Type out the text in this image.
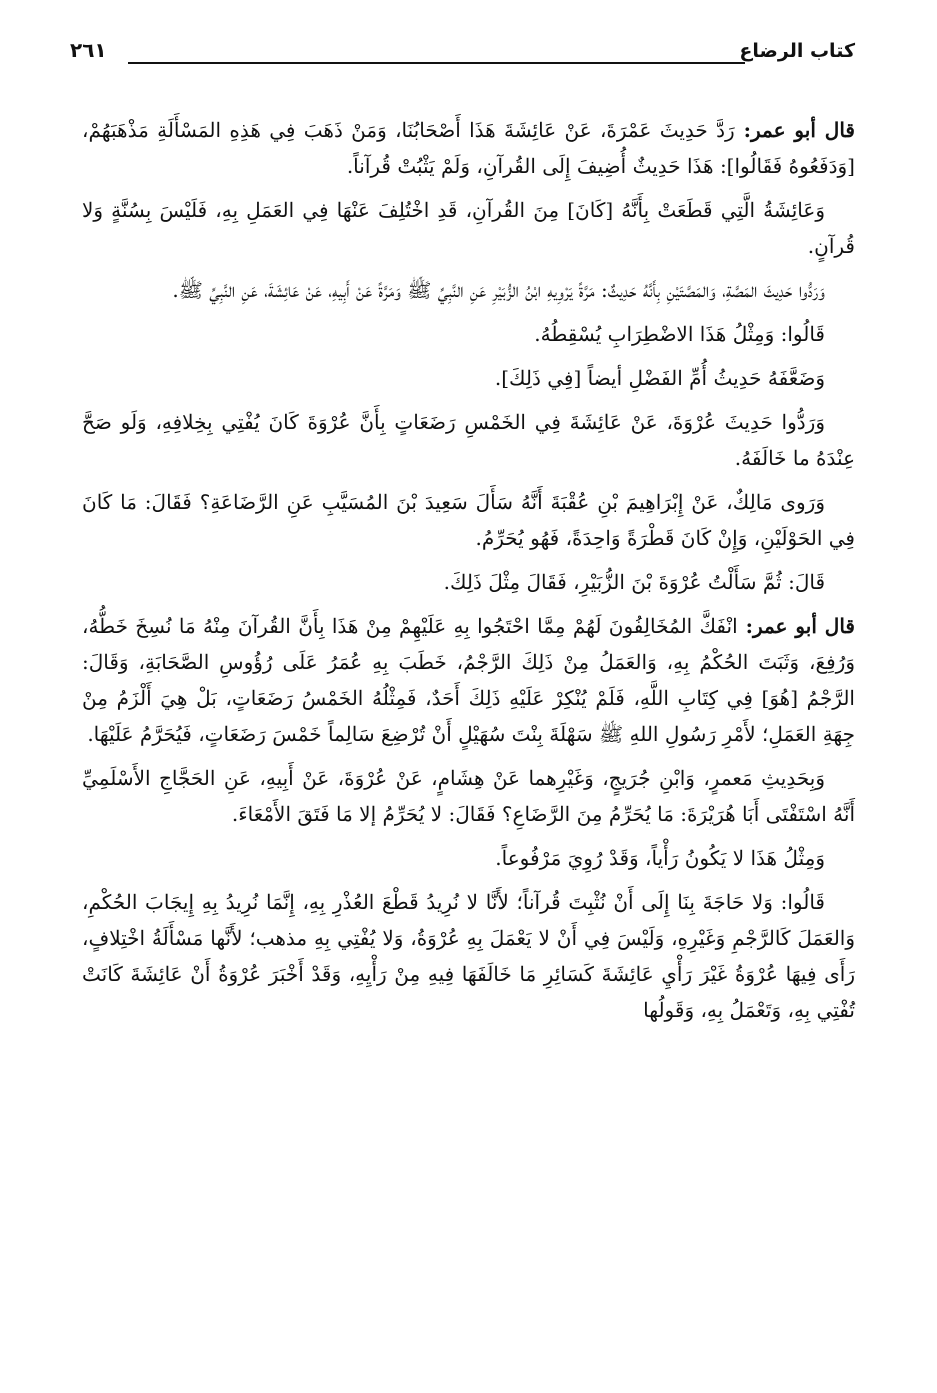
كتاب الرضاع
٢٦١

قال أبو عمر: رَدَّ حَدِيثَ عَمْرَةَ، عَنْ عَائِشَةَ هَذَا أَصْحَابُنَا، وَمَنْ ذَهَبَ فِي هَذِهِ المَسْأَلَةِ مَذْهَبَهُمْ، [وَدَفَعُوهُ فَقَالُوا]: هَذَا حَدِيثٌ أُضِيفَ إِلَى القُرآنِ، وَلَمْ يَثْبُتْ قُرآناً.

وَعَائِشَةُ الَّتِي قَطَعَتْ بِأَنَّهُ [كَانَ] مِنَ القُرآنِ، قَدِ اخْتُلِفَ عَنْهَا فِي العَمَلِ بِهِ، فَلَيْسَ بِسُنَّةٍ وَلا قُرآنٍ.

وَرَدُّوا حَدِيثَ المَصَّةِ، وَالمَصَّتَيْنِ بِأَنَّهُ حَدِيثٌ: مَرَّةً يَرْوِيهِ ابْنُ الزُّبَيْرِ عَنِ النَّبِيِّ ﷺ وَمَرَّةً عَنْ أَبِيهِ، عَنْ عَائِشَةَ، عَنِ النَّبِيِّ ﷺ.

قَالُوا: وَمِثْلُ هَذَا الاضْطِرَابِ يُسْقِطُهُ.

وَضَعَّفَهُ حَدِيثُ أُمِّ الفَضْلِ أيضاً [فِي ذَلِكَ].

وَرَدُّوا حَدِيثَ عُرْوَةَ، عَنْ عَائِشَةَ فِي الخَمْسِ رَضَعَاتٍ بِأَنَّ عُرْوَةَ كَانَ يُفْتِي بِخِلافِهِ، وَلَو صَحَّ عِنْدَهُ ما خَالَفَهُ.

وَرَوى مَالِكٌ، عَنْ إِبْرَاهِيمَ بْنِ عُقْبَةَ أَنَّهُ سَأَلَ سَعِيدَ بْنَ المُسَيَّبِ عَنِ الرَّضَاعَةِ؟ فَقَالَ: مَا كَانَ فِي الحَوْلَيْنِ، وَإِنْ كَانَ قَطْرَةً وَاحِدَةً، فَهُو يُحَرِّمُ.

قَالَ: ثُمَّ سَأَلْتُ عُرْوَةَ بْنَ الزُّبَيْرِ، فَقَالَ مِثْلَ ذَلِكَ.

قال أبو عمر: انْفَكَّ المُخَالِفُونَ لَهُمْ مِمَّا احْتَجُوا بِهِ عَلَيْهِمْ مِنْ هَذَا بِأَنَّ القُرآنَ مِنْهُ مَا نُسِخَ خَطُّهُ، وَرُفِعَ، وَثَبَتَ الحُكْمُ بِهِ، وَالعَمَلُ مِنْ ذَلِكَ الرَّجْمُ، خَطَبَ بِهِ عُمَرُ عَلَى رُؤُوسِ الصَّحَابَةِ، وَقَالَ: الرَّجْمُ [هُوَ] فِي كِتَابِ اللَّهِ، فَلَمْ يُنْكِرْ عَلَيْهِ ذَلِكَ أَحَدٌ، فَمِثْلُهُ الخَمْسُ رَضَعَاتٍ، بَلْ هِيَ أَلْزَمُ مِنْ جِهَةِ العَمَلِ؛ لأَمْرِ رَسُولِ اللهِ ﷺ سَهْلَةَ بِنْتَ سُهَيْلٍ أَنْ تُرْضِعَ سَالِماً خَمْسَ رَضَعَاتٍ، فَيُحَرَّمُ عَلَيْهَا.

وَبِحَدِيثِ مَعمرٍ، وَابْنِ جُرَيجٍ، وَغَيْرِهما عَنْ هِشَامٍ، عَنْ عُرْوَةَ، عَنْ أَبِيهِ، عَنِ الحَجَّاجِ الأَسْلَمِيِّ أَنَّهُ اسْتَفْتَى أَبَا هُرَيْرَةَ: مَا يُحَرِّمُ مِنَ الرَّضَاعِ؟ فَقَالَ: لا يُحَرِّمُ إلا مَا فَتَقَ الأَمْعَاءَ.

وَمِثْلُ هَذَا لا يَكُونُ رَأْياً، وَقَدْ رُوِيَ مَرْفُوعاً.

قَالُوا: وَلا حَاجَةَ بِنَا إِلَى أَنْ نُثْبِتَ قُرآناً؛ لأَنَّا لا نُرِيدُ قَطْعَ العُذْرِ بِهِ، إِنَّمَا نُرِيدُ بِهِ إِيجَابَ الحُكْمِ، وَالعَمَلَ كَالرَّجْمِ وَغَيْرِهِ، وَلَيْسَ فِي أَنْ لا يَعْمَلَ بِهِ عُرْوَةُ، وَلا يُفْتِي بِهِ مذهب؛ لأَنَّها مَسْأَلَةُ اخْتِلافٍ، رَأَى فِيهَا عُرْوَةُ غَيْرَ رَأْيِ عَائِشَةَ كَسَائِرِ مَا خَالَفَهَا فِيهِ مِنْ رَأْيِهِ، وَقَدْ أَخْبَرَ عُرْوَةُ أَنْ عَائِشَةَ كَانَتْ تُفْتِي بِهِ، وَتَعْمَلُ بِهِ، وَقَولُها
